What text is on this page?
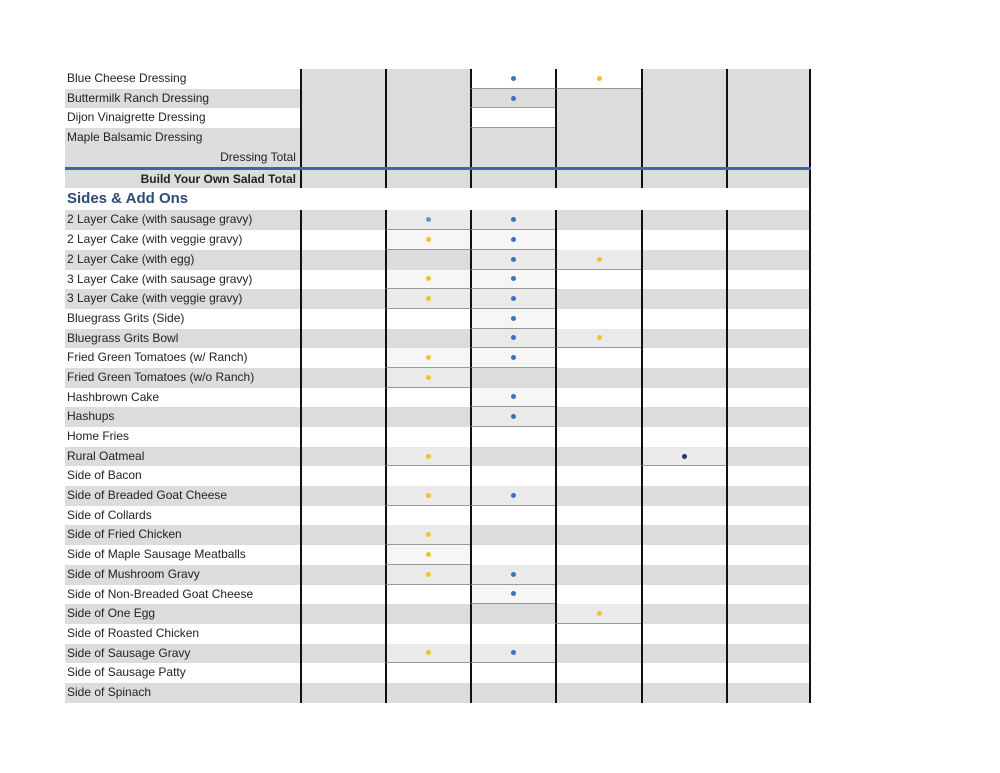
Blue Cheese Dressing
Buttermilk Ranch Dressing
Dijon Vinaigrette Dressing
Maple Balsamic Dressing
Dressing Total
Build Your Own Salad Total
Sides & Add Ons
2 Layer Cake (with sausage gravy)
2 Layer Cake (with veggie gravy)
2 Layer Cake (with egg)
3 Layer Cake (with sausage gravy)
3 Layer Cake (with veggie gravy)
Bluegrass Grits (Side)
Bluegrass Grits Bowl
Fried Green Tomatoes (w/ Ranch)
Fried Green Tomatoes (w/o Ranch)
Hashbrown Cake
Hashups
Home Fries
Rural Oatmeal
Side of Bacon
Side of Breaded Goat Cheese
Side of Collards
Side of Fried Chicken
Side of Maple Sausage Meatballs
Side of Mushroom Gravy
Side of Non-Breaded Goat Cheese
Side of One Egg
Side of Roasted Chicken
Side of Sausage Gravy
Side of Sausage Patty
Side of Spinach
